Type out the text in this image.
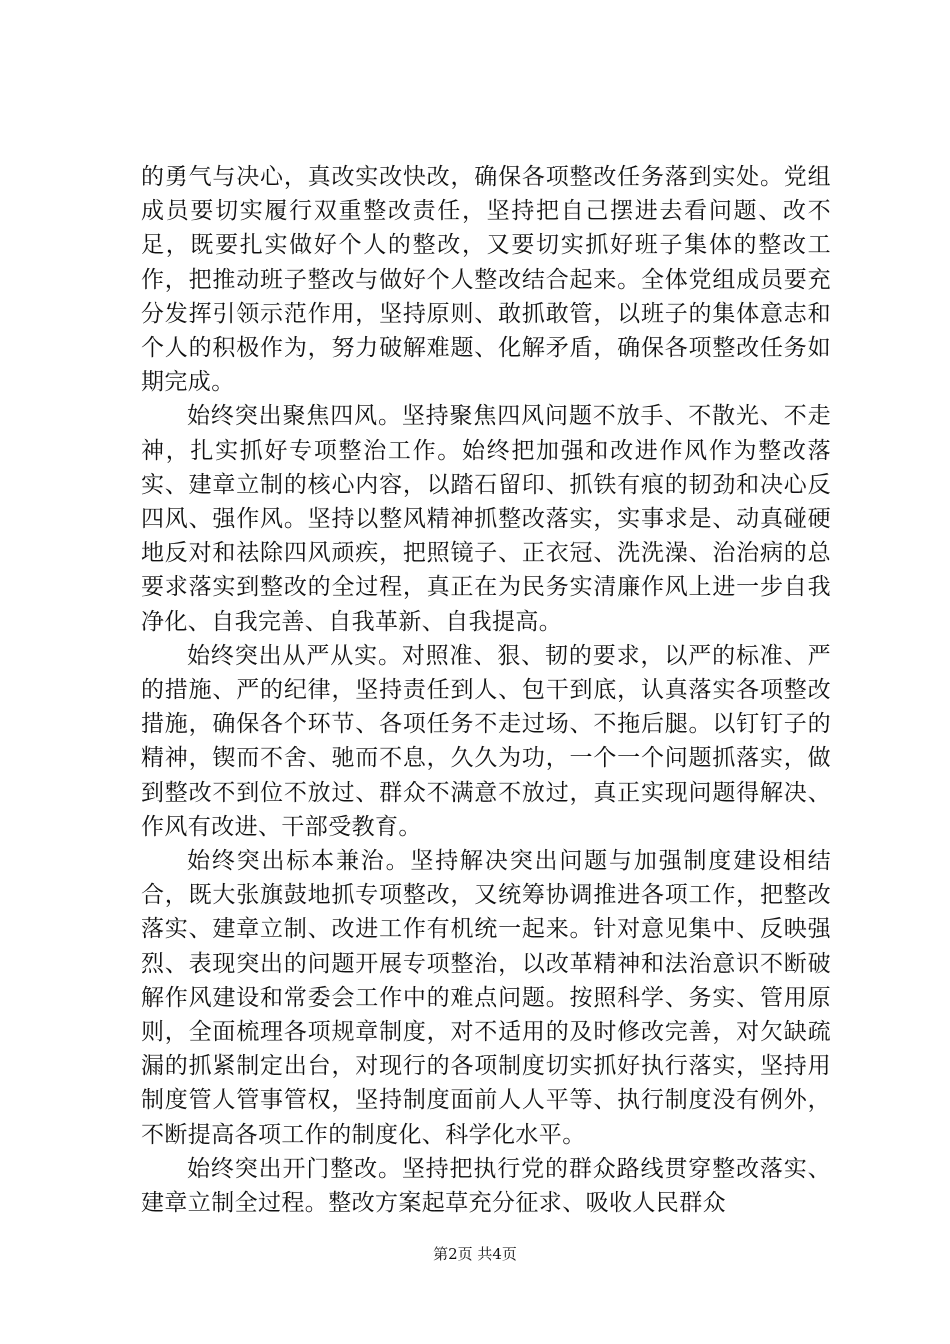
的勇气与决心，真改实改快改，确保各项整改任务落到实处。党组成员要切实履行双重整改责任，坚持把自己摆进去看问题、改不足，既要扎实做好个人的整改，又要切实抓好班子集体的整改工作，把推动班子整改与做好个人整改结合起来。全体党组成员要充分发挥引领示范作用，坚持原则、敢抓敢管，以班子的集体意志和个人的积极作为，努力破解难题、化解矛盾，确保各项整改任务如期完成。

始终突出聚焦四风。坚持聚焦四风问题不放手、不散光、不走神，扎实抓好专项整治工作。始终把加强和改进作风作为整改落实、建章立制的核心内容，以踏石留印、抓铁有痕的韧劲和决心反四风、强作风。坚持以整风精神抓整改落实，实事求是、动真碰硬地反对和祛除四风顽疾，把照镜子、正衣冠、洗洗澡、治治病的总要求落实到整改的全过程，真正在为民务实清廉作风上进一步自我净化、自我完善、自我革新、自我提高。

始终突出从严从实。对照准、狠、韧的要求，以严的标准、严的措施、严的纪律，坚持责任到人、包干到底，认真落实各项整改措施，确保各个环节、各项任务不走过场、不拖后腿。以钉钉子的精神，锲而不舍、驰而不息，久久为功，一个一个问题抓落实，做到整改不到位不放过、群众不满意不放过，真正实现问题得解决、作风有改进、干部受教育。

始终突出标本兼治。坚持解决突出问题与加强制度建设相结合，既大张旗鼓地抓专项整改，又统筹协调推进各项工作，把整改落实、建章立制、改进工作有机统一起来。针对意见集中、反映强烈、表现突出的问题开展专项整治，以改革精神和法治意识不断破解作风建设和常委会工作中的难点问题。按照科学、务实、管用原则，全面梳理各项规章制度，对不适用的及时修改完善，对欠缺疏漏的抓紧制定出台，对现行的各项制度切实抓好执行落实，坚持用制度管人管事管权，坚持制度面前人人平等、执行制度没有例外，不断提高各项工作的制度化、科学化水平。

始终突出开门整改。坚持把执行党的群众路线贯穿整改落实、建章立制全过程。整改方案起草充分征求、吸收人民群众

第2页 共4页
